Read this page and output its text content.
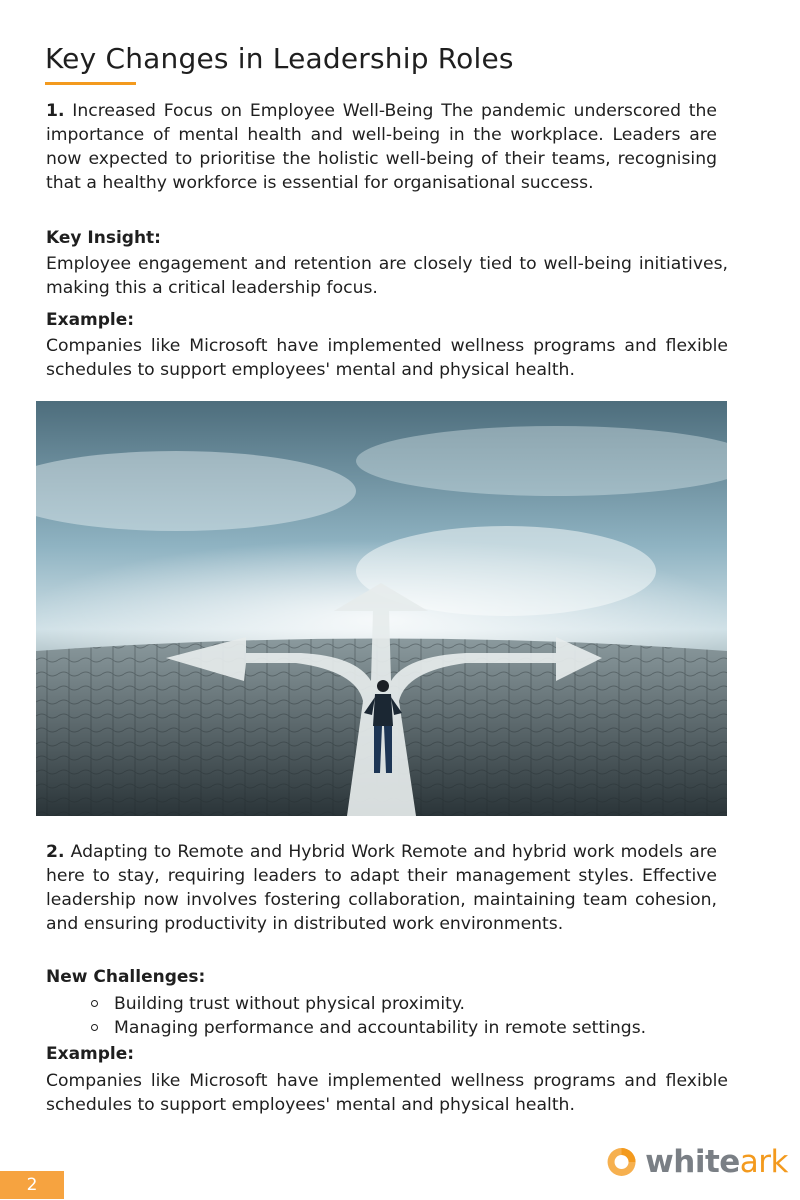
Key Changes in Leadership Roles

1. Increased Focus on Employee Well-Being The pandemic underscored the importance of mental health and well-being in the workplace. Leaders are now expected to prioritise the holistic well-being of their teams, recognising that a healthy workforce is essential for organisational success.

Key Insight:

Employee engagement and retention are closely tied to well-being initiatives, making this a critical leadership focus.

Example:

Companies like Microsoft have implemented wellness programs and flexible schedules to support employees' mental and physical health.

2. Adapting to Remote and Hybrid Work Remote and hybrid work models are here to stay, requiring leaders to adapt their management styles. Effective leadership now involves fostering collaboration, maintaining team cohesion, and ensuring productivity in distributed work environments.

New Challenges:

Building trust without physical proximity.
Managing performance and accountability in remote settings.

Example:

Companies like Microsoft have implemented wellness programs and flexible schedules to support employees' mental and physical health.

2
whiteark
